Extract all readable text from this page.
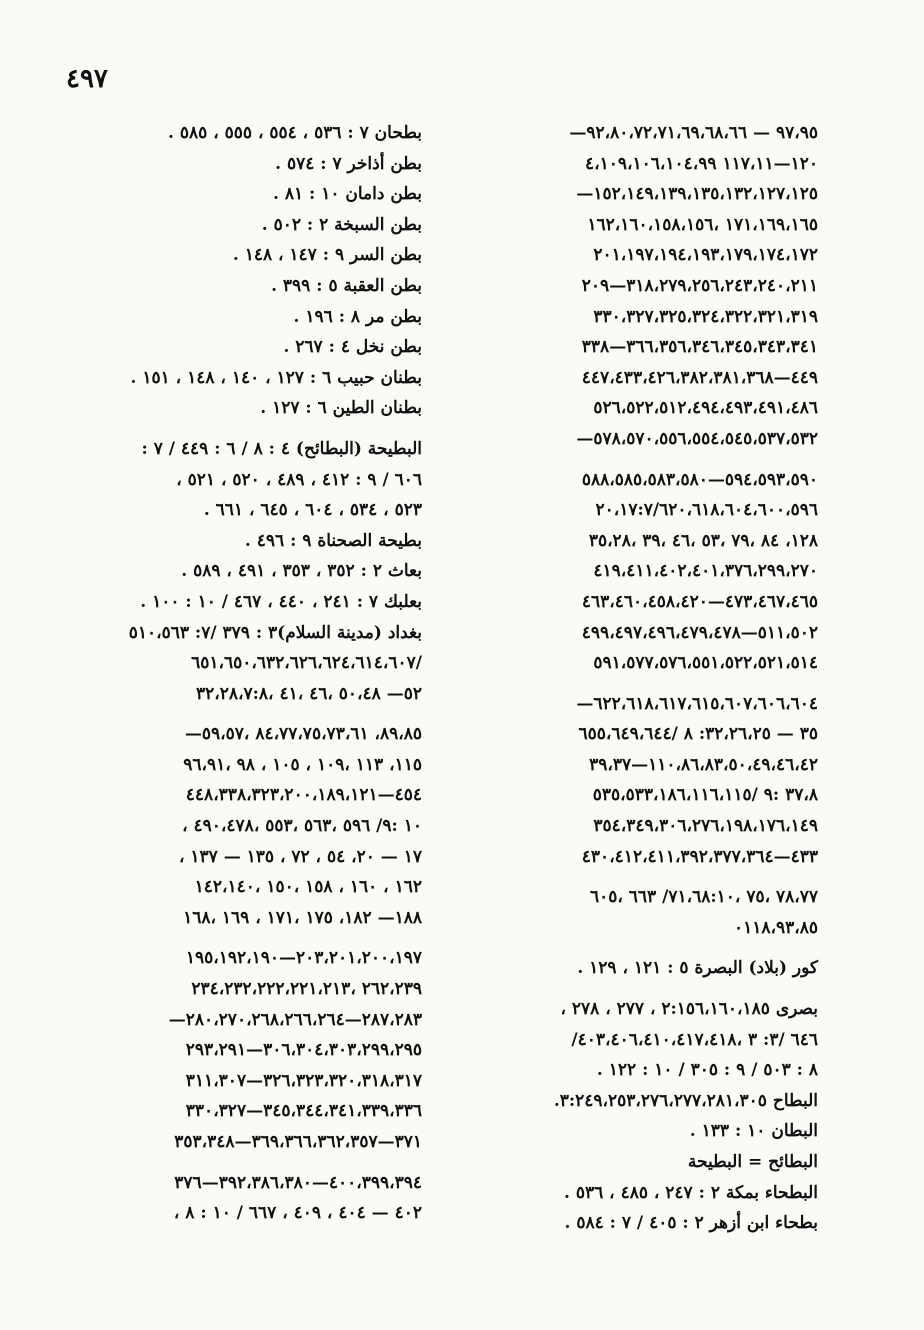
٤٩٧
٩٧،٩٥ — ٩٢،٨٠،٧٢،٧١،٦٩،٦٨،٦٦—
١٢٠—١١٧،١١ ٤،١٠٩،١٠٦،١٠٤،٩٩
١٥٢،١٤٩،١٣٩،١٣٥،١٣٢،١٢٧،١٢٥—
١٧١،١٦٩،١٦٥ ،١٦٢،١٦٠،١٥٨،١٥٦
٢٠١،١٩٧،١٩٤،١٩٣،١٧٩،١٧٤،١٧٢
٣١٨،٢٧٩،٢٥٦،٢٤٣،٢٤٠،٢١١—٢٠٩
٣٣٠،٣٢٧،٣٢٥،٣٢٤،٣٢٢،٣٢١،٣١٩
٣٦٦،٣٥٦،٣٤٦،٣٤٥،٣٤٣،٣٤١—٣٣٨
٤٤٩—٤٤٧،٤٣٣،٤٢٦،٣٨٢،٣٨١،٣٦٨
٥٢٦،٥٢٢،٥١٢،٤٩٤،٤٩٣،٤٩١،٤٨٦
٥٧٨،٥٧٠،٥٥٦،٥٥٤،٥٤٥،٥٣٧،٥٣٢—
٥٩٤،٥٩٣،٥٩٠—٥٨٨،٥٨٥،٥٨٣،٥٨٠
٢٠،١٧:٧/٦٢٠،٦١٨،٦٠٤،٦٠٠،٥٩٦
١٢٨، ٨٤ ،٧٩ ،٥٣ ،٤٦ ،٣٩ ،٣٥،٢٨
٤١٩،٤١١،٤٠٢،٤٠١،٣٧٦،٢٩٩،٢٧٠
٤٧٣،٤٦٧،٤٦٥—٤٦٣،٤٦٠،٤٥٨،٤٢٠
٥١١،٥٠٢—٤٩٩،٤٩٧،٤٩٦،٤٧٩،٤٧٨
٥٩١،٥٧٧،٥٧٦،٥٥١،٥٢٢،٥٢١،٥١٤
٦٢٢،٦١٨،٦١٧،٦١٥،٦٠٧،٦٠٦،٦٠٤—
٣٥ — ٣٢،٢٦،٢٥: ٨ /٦٥٥،٦٤٩،٦٤٤
١١٠،٨٦،٨٣،٥٠،٤٩،٤٦،٤٢—٣٩،٣٧
٣٧،٨ :٩ /٥٣٥،٥٣٣،١٨٦،١١٦،١١٥
٣٥٤،٣٤٩،٣٠٦،٢٧٦،١٩٨،١٧٦،١٤٩
٤٣٣—٤٣٠،٤١٢،٤١١،٣٩٢،٣٧٧،٣٦٤
٧٨،٧٧ ،٧٥ ،٧١،٦٨:١٠/ ٦٦٣ ،٦٠٥
٠١١٨،٩٣،٨٥
كور (بلاد) البصرة ٥ : ١٢١ ، ١٢٩ .
بصرى ٢:١٥٦،١٦٠،١٨٥ ، ٢٧٧ ، ٢٧٨ ،
٦٤٦ /٣: ٣ ،٤٠٣،٤٠٦،٤١٠،٤١٧،٤١٨/
٨ : ٥٠٣ / ٩ : ٣٠٥ / ١٠ : ١٢٢ .
البطاح ٣:٢٤٩،٢٥٣،٢٧٦،٢٧٧،٢٨١،٣٠٥.
البطان ١٠ : ١٣٣ .
البطائح = البطيحة
البطحاء بمكة ٢ : ٢٤٧ ، ٤٨٥ ، ٥٣٦ .
بطحاء ابن أزهر ٢ : ٤٠٥ / ٧ : ٥٨٤ .
بطحان ٧ : ٥٣٦ ، ٥٥٤ ، ٥٥٥ ، ٥٨٥ .
بطن أذاخر ٧ : ٥٧٤ .
بطن دامان ١٠ : ٨١ .
بطن السبخة ٢ : ٥٠٢ .
بطن السر ٩ : ١٤٧ ، ١٤٨ .
بطن العقبة ٥ : ٣٩٩ .
بطن مر ٨ : ١٩٦ .
بطن نخل ٤ : ٢٦٧ .
بطنان حبيب ٦ : ١٢٧ ، ١٤٠ ، ١٤٨ ، ١٥١ .
بطنان الطين ٦ : ١٢٧ .
البطيحة (البطائح) ٤ : ٨ / ٦ : ٤٤٩ / ٧ :
٦٠٦ / ٩ : ٤١٢ ، ٤٨٩ ، ٥٢٠ ، ٥٢١ ،
٥٢٣ ، ٥٣٤ ، ٦٠٤ ، ٦٤٥ ، ٦٦١ .
بطيحة الصحناة ٩ : ٤٩٦ .
بعاث ٢ : ٣٥٢ ، ٣٥٣ ، ٤٩١ ، ٥٨٩ .
بعلبك ٧ : ٢٤١ ، ٤٤٠ ، ٤٦٧ / ١٠ : ١٠٠ .
بغداد (مدينة السلام)٣ : ٣٧٩ /٧: ٥١٠،٥٦٣
/٦٥١،٦٥٠،٦٣٢،٦٢٦،٦٢٤،٦١٤،٦٠٧
٥٢— ٥٠،٤٨ ،٤٦ ،٤١ ،٣٢،٢٨،٧:٨
٨٩،٨٥، ٨٤،٧٧،٧٥،٧٣،٦١ ،٥٩،٥٧—
١١٥، ١١٣ ،١٠٩ ، ١٠٥ ، ٩٨ ،٩٦،٩١
٤٥٤—٤٤٨،٣٣٨،٣٢٣،٢٠٠،١٨٩،١٢١
١٠ :٩/ ٥٩٦ ،٥٦٣ ،٥٥٣ ،٤٩٠،٤٧٨ ،
١٧ — ٢٠، ٥٤ ، ٧٢ ، ١٣٥ — ١٣٧ ،
١٦٢ ، ١٦٠ ، ١٥٨ ،١٥٠ ،١٤٢،١٤٠
١٨٨— ١٨٢، ١٧٥ ،١٧١ ، ١٦٩ ،١٦٨
٢٠٣،٢٠١،٢٠٠،١٩٧—١٩٥،١٩٢،١٩٠
٢٦٢،٢٣٩ ،٢٣٤،٢٣٢،٢٢٢،٢٢١،٢١٣
٢٨٧،٢٨٣—٢٨٠،٢٧٠،٢٦٨،٢٦٦،٢٦٤—
٣٠٦،٣٠٤،٣٠٣،٢٩٩،٢٩٥—٢٩٣،٢٩١
٣٢٦،٣٢٣،٣٢٠،٣١٨،٣١٧—٣١١،٣٠٧
٣٤٥،٣٤٤،٣٤١،٣٣٩،٣٣٦—٣٣٠،٣٢٧
٣٧١—٣٦٩،٣٦٦،٣٦٢،٣٥٧—٣٥٣،٣٤٨
٤٠٠،٣٩٩،٣٩٤—٣٩٢،٣٨٦،٣٨٠—٣٧٦
٤٠٢ — ٤٠٤ ، ٤٠٩ ، ٦٦٧ / ١٠ : ٨ ،
